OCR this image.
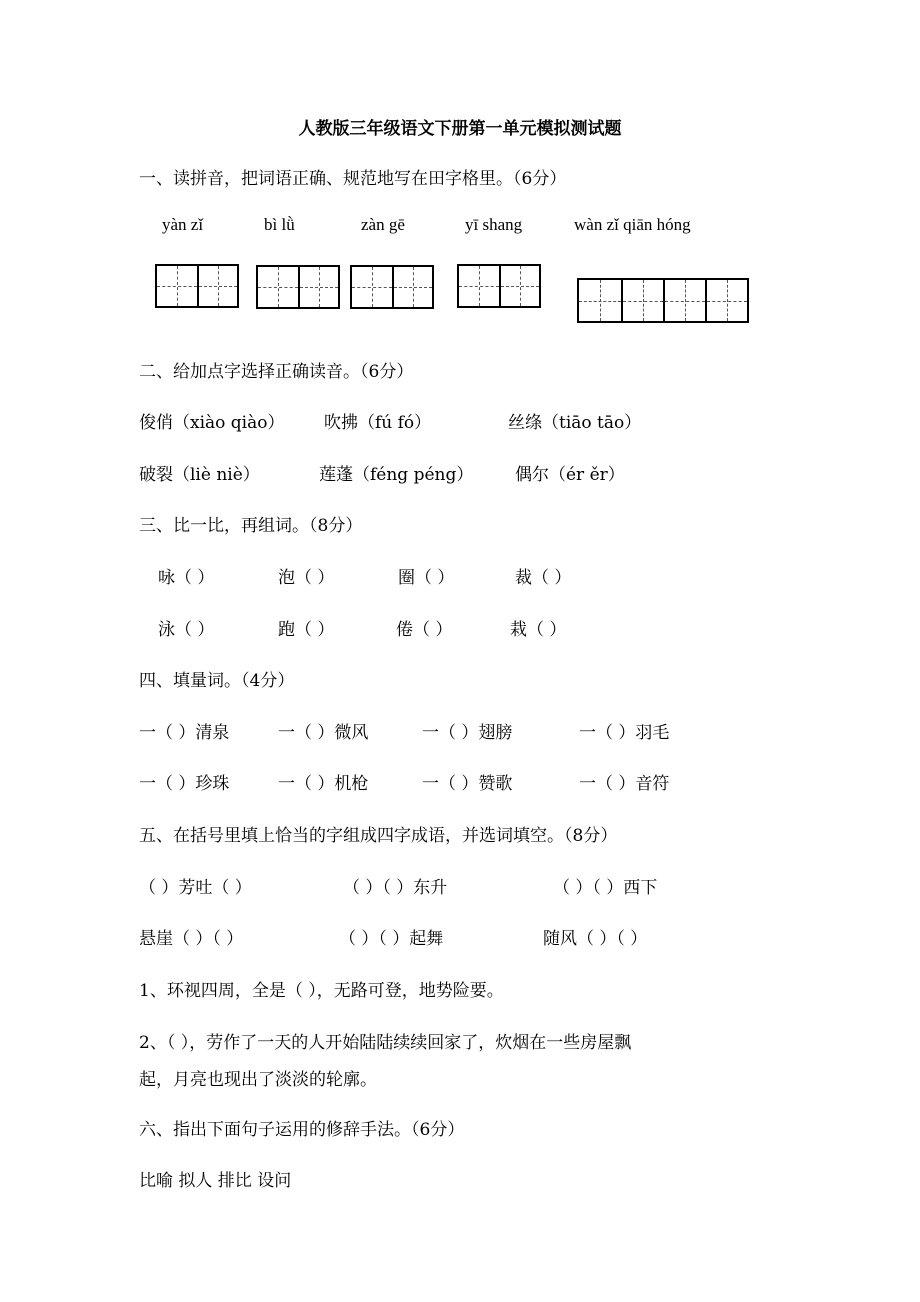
人教版三年级语文下册第一单元模拟测试题
一、读拼音，把词语正确、规范地写在田字格里。（6分）
yàn zǐ	bì lǜ	zàn gē	yī shang	wàn zǐ qiān hóng
二、给加点字选择正确读音。（6分）
俊俏（xiào qiào） 吹拂（fú fó）	丝绦（tiāo tāo）
破裂（liè niè）	莲蓬（féng péng） 偶尔（ér ěr）
三、比一比，再组词。（8分）
咏（ ）	泡（ ）	圈（ ）	裁（ ）
泳（ ）	跑（ ）	倦（ ）	栽（ ）
四、填量词。（4分）
一（ ）清泉	一（ ）微风	一（ ）翅膀	一（ ）羽毛
一（ ）珍珠	一（ ）机枪	一（ ）赞歌	一（ ）音符
五、在括号里填上恰当的字组成四字成语，并选词填空。（8分）
（ ）芳吐（ ）	（ ）（ ）东升	（ ）（ ）西下
悬崖（ ）（ ）	（ ）（ ）起舞	随风（ ）（ ）
1、环视四周，全是（ ），无路可登，地势险要。
2、（ ），劳作了一天的人开始陆陆续续回家了，炊烟在一些房屋飘
起，月亮也现出了淡淡的轮廓。
六、指出下面句子运用的修辞手法。（6分）
比喻 拟人 排比 设问
